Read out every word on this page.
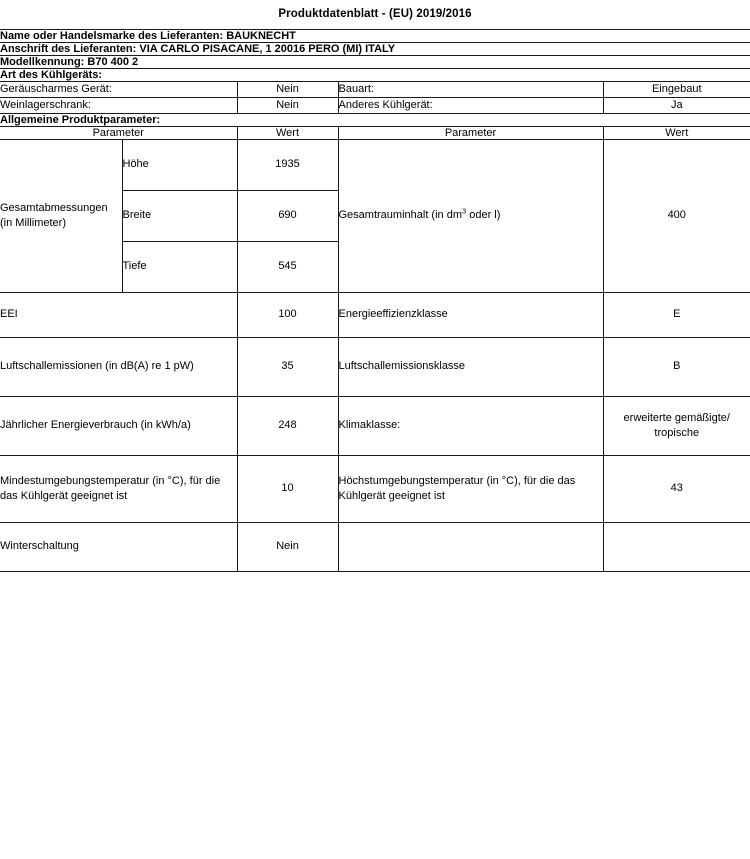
Produktdatenblatt - (EU) 2019/2016
Name oder Handelsmarke des Lieferanten: BAUKNECHT				
Anschrift des Lieferanten: VIA CARLO PISACANE, 1 20016 PERO (MI) ITALY				
Modellkennung: B70 400 2				
Art des Kühlgeräts:				
Geräuscharmes Gerät:		Nein	Bauart:	Eingebaut
Weinlagerschrank:		Nein	Anderes Kühlgerät:	Ja
Allgemeine Produktparameter:				
Parameter		Wert	Parameter	Wert
Gesamtabmessungen (in Millimeter)	Höhe	1935	Gesamtrauminhalt (in $dm^3$ oder l)	400
	Breite	690		
	Tiefe	545		
EEI		100	Energieeffizienzklasse	E
Luftschallemissionen (in dB(A) re 1 pW)		35	Luftschallemissionsklasse	B
Jährlicher Energieverbrauch (in kWh/a)		248	Klimaklasse:	erweiterte gemäßigte/ tropische
Mindestumgebungstemperatur (in °C), für die das Kühlgerät geeignet ist		10	Höchstumgebungstemperatur (in °C), für die das Kühlgerät geeignet ist	43
Winterschaltung		Nein		
